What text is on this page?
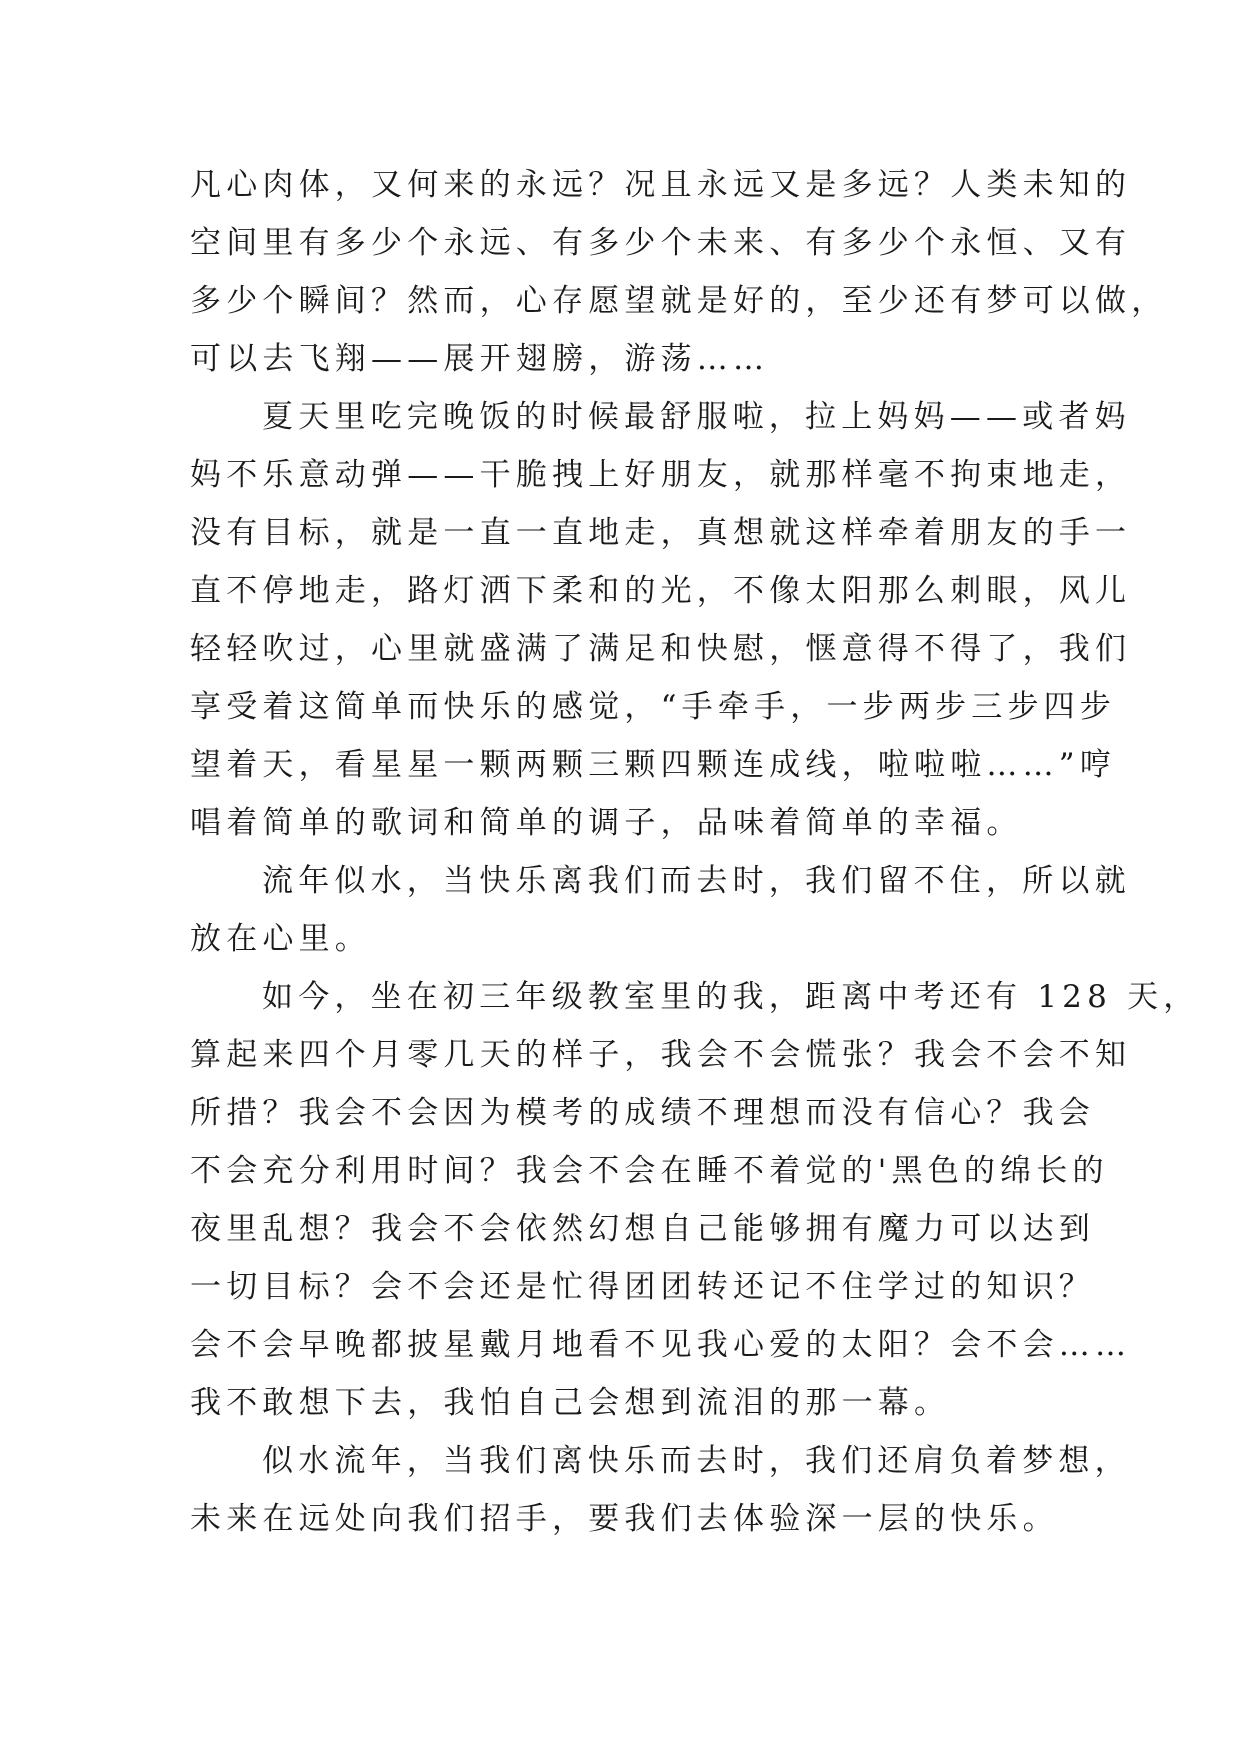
凡心肉体，又何来的永远？况且永远又是多远？人类未知的
空间里有多少个永远、有多少个未来、有多少个永恒、又有
多少个瞬间？然而，心存愿望就是好的，至少还有梦可以做，
可以去飞翔——展开翅膀，游荡……
夏天里吃完晚饭的时候最舒服啦，拉上妈妈——或者妈
妈不乐意动弹——干脆拽上好朋友，就那样毫不拘束地走，
没有目标，就是一直一直地走，真想就这样牵着朋友的手一
直不停地走，路灯洒下柔和的光，不像太阳那么刺眼，风儿
轻轻吹过，心里就盛满了满足和快慰，惬意得不得了，我们
享受着这简单而快乐的感觉，“手牵手，一步两步三步四步
望着天，看星星一颗两颗三颗四颗连成线，啦啦啦……”哼
唱着简单的歌词和简单的调子，品味着简单的幸福。
流年似水，当快乐离我们而去时，我们留不住，所以就
放在心里。
如今，坐在初三年级教室里的我，距离中考还有 128 天，
算起来四个月零几天的样子，我会不会慌张？我会不会不知
所措？我会不会因为模考的成绩不理想而没有信心？我会
不会充分利用时间？我会不会在睡不着觉的'黑色的绵长的
夜里乱想？我会不会依然幻想自己能够拥有魔力可以达到
一切目标？会不会还是忙得团团转还记不住学过的知识？
会不会早晚都披星戴月地看不见我心爱的太阳？会不会……
我不敢想下去，我怕自己会想到流泪的那一幕。
似水流年，当我们离快乐而去时，我们还肩负着梦想，
未来在远处向我们招手，要我们去体验深一层的快乐。
